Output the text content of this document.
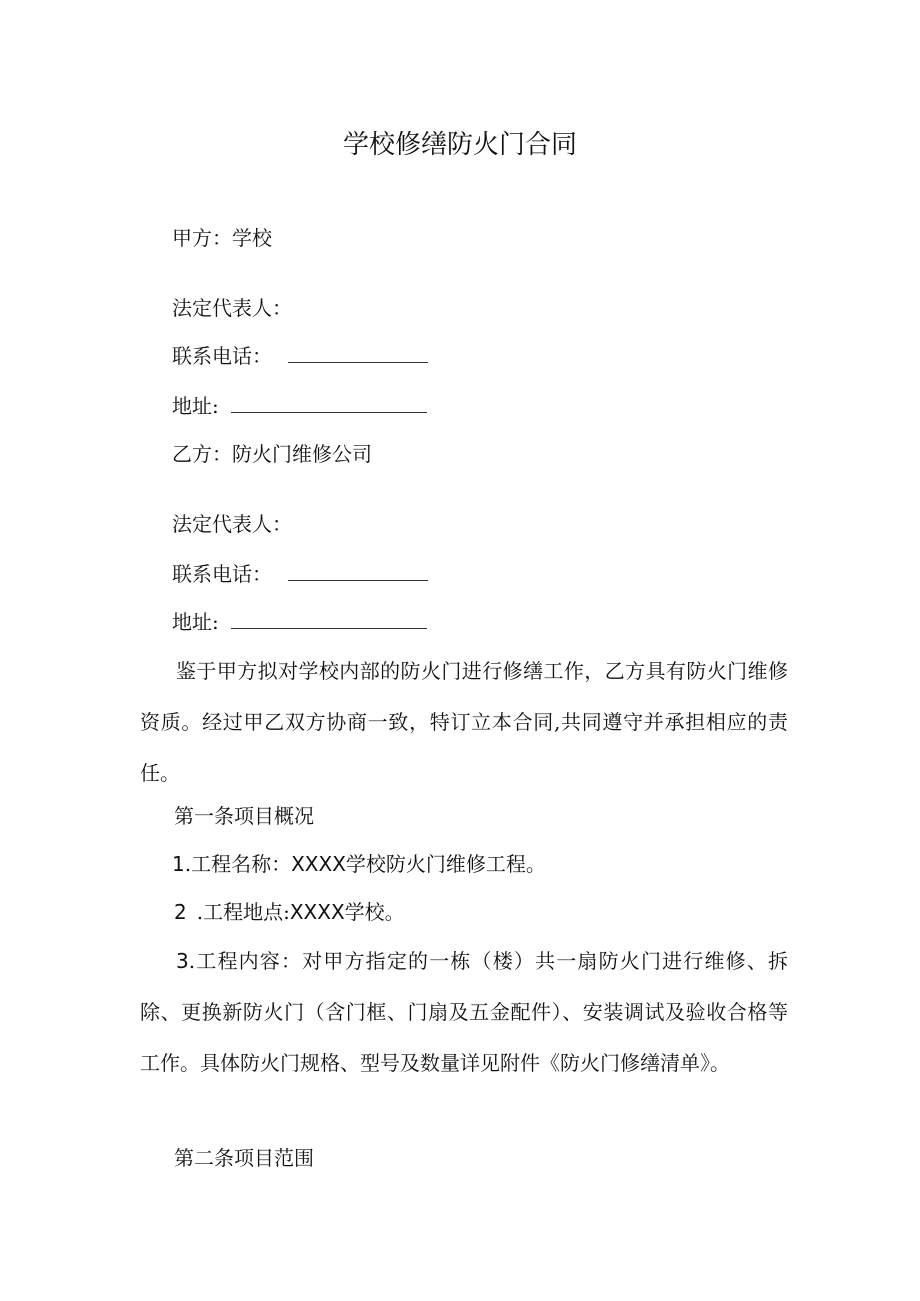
学校修缮防火门合同
甲方：学校
法定代表人：
联系电话：
地址:
乙方：防火门维修公司
法定代表人：
联系电话：
地址:
鉴于甲方拟对学校内部的防火门进行修缮工作，乙方具有防火门维修资质。经过甲乙双方协商一致，特订立本合同,共同遵守并承担相应的责任。
第一条项目概况
1.工程名称：XXXX学校防火门维修工程。
2 .工程地点:XXXX学校。
3.工程内容：对甲方指定的一栋（楼）共一扇防火门进行维修、拆除、更换新防火门（含门框、门扇及五金配件）、安装调试及验收合格等工作。具体防火门规格、型号及数量详见附件《防火门修缮清单》。
第二条项目范围
